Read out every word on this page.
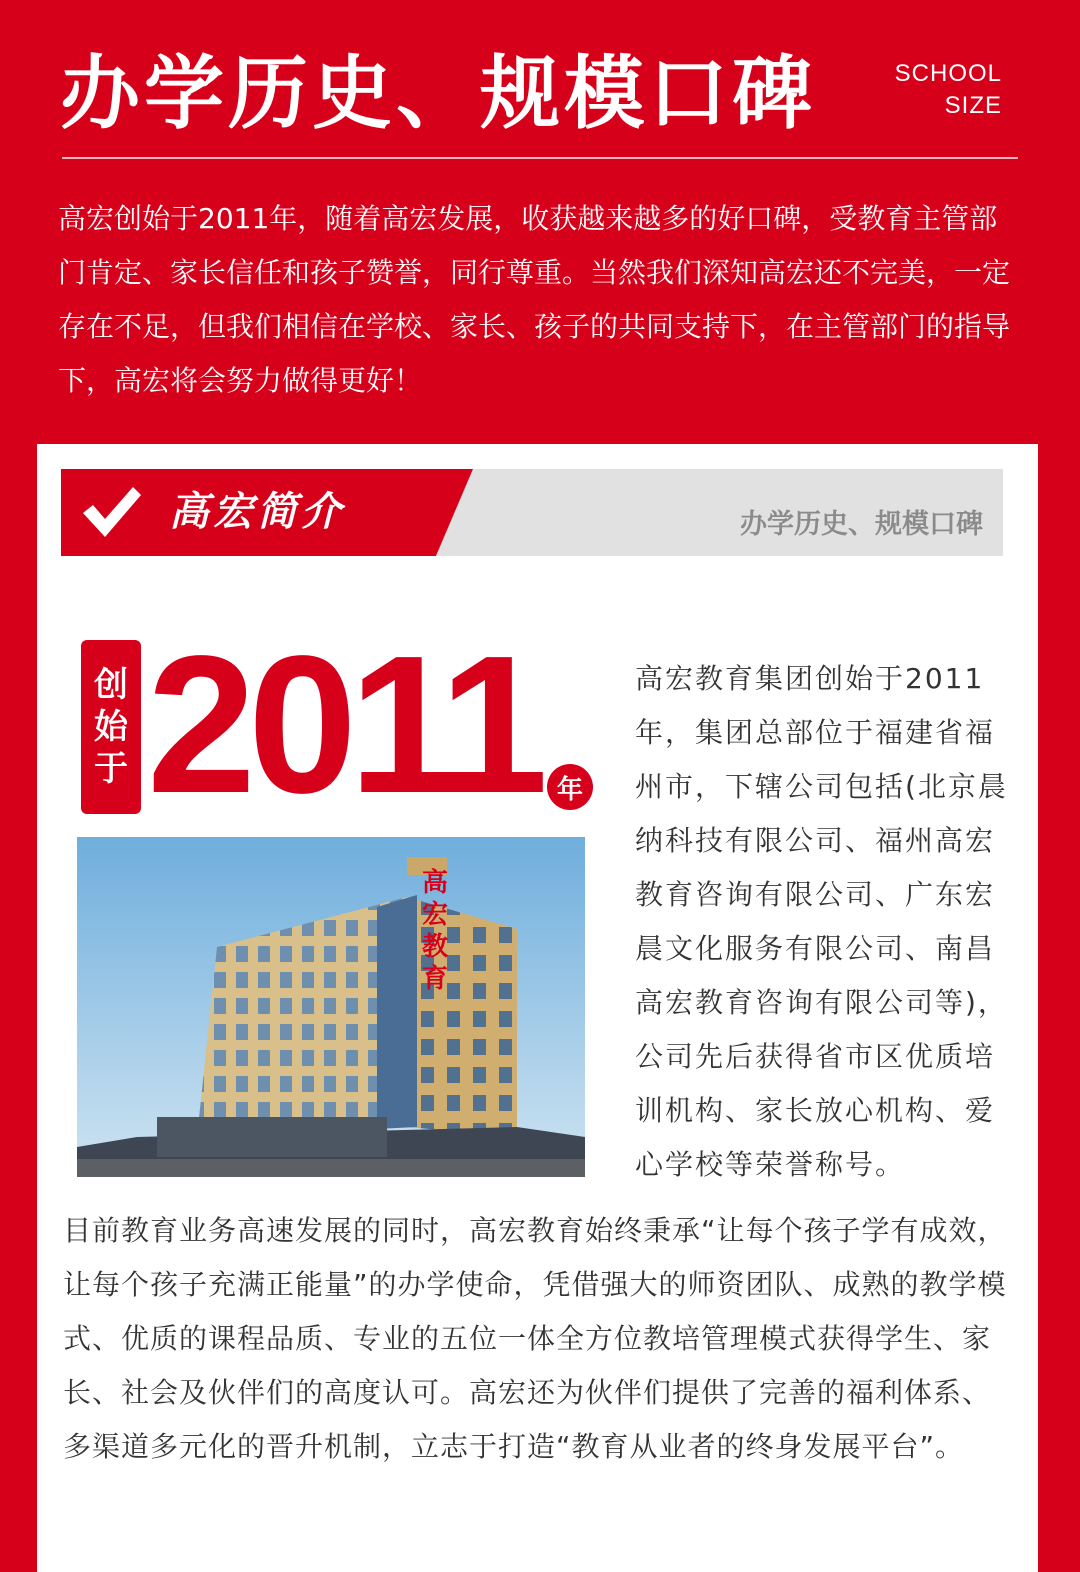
办学历史、规模口碑	SCHOOL
SIZE
高宏创始于2011年，随着高宏发展，收获越来越多的好口碑，受教育主管部门肯定、家长信任和孩子赞誉，同行尊重。当然我们深知高宏还不完美，一定存在不足，但我们相信在学校、家长、孩子的共同支持下，在主管部门的指导下，高宏将会努力做得更好！
高宏简介	办学历史、规模口碑
创
始
于 2011 年
高
宏
教
育
高宏教育集团创始于2011年，集团总部位于福建省福州市，下辖公司包括(北京晨纳科技有限公司、福州高宏教育咨询有限公司、广东宏晨文化服务有限公司、南昌高宏教育咨询有限公司等)，公司先后获得省市区优质培训机构、家长放心机构、爱心学校等荣誉称号。
目前教育业务高速发展的同时，高宏教育始终秉承“让每个孩子学有成效，让每个孩子充满正能量”的办学使命，凭借强大的师资团队、成熟的教学模式、优质的课程品质、专业的五位一体全方位教培管理模式获得学生、家长、社会及伙伴们的高度认可。高宏还为伙伴们提供了完善的福利体系、多渠道多元化的晋升机制，立志于打造“教育从业者的终身发展平台”。
